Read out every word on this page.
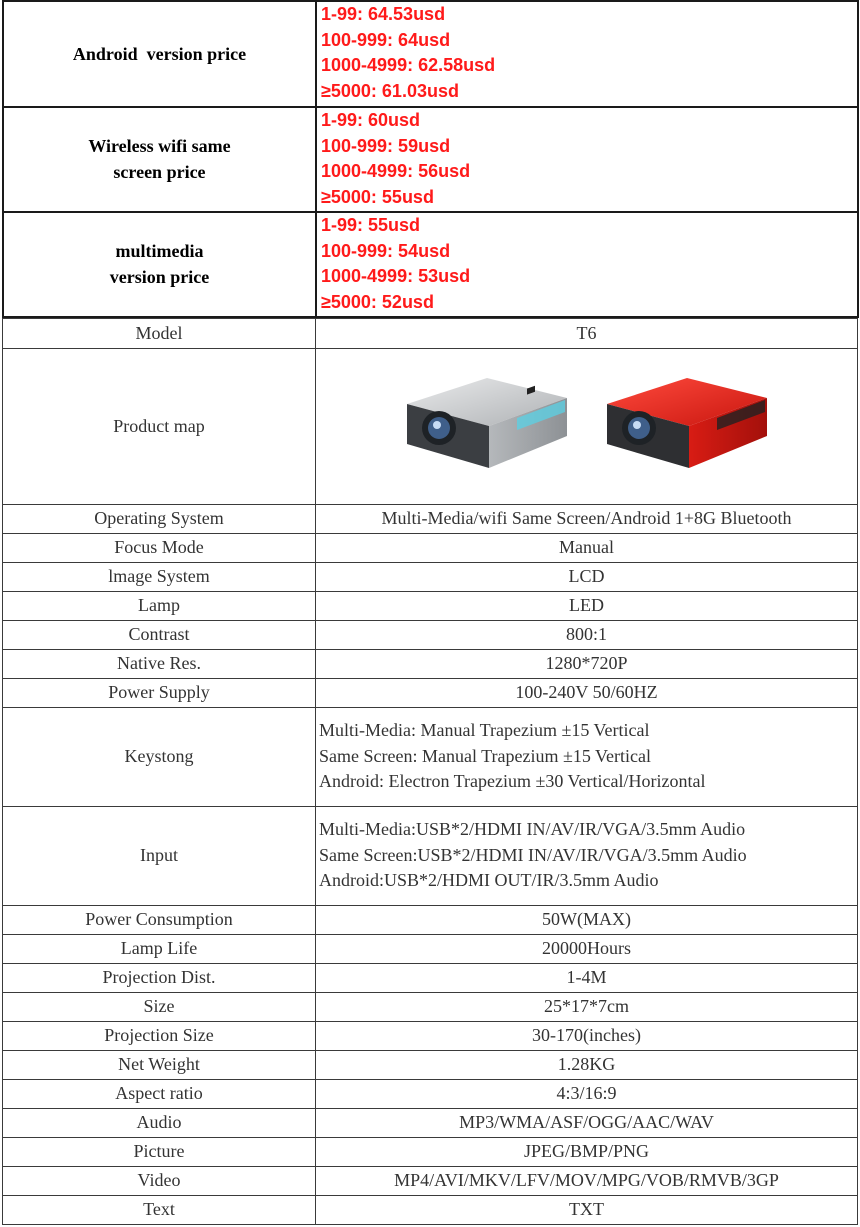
Android  version price	1-99: 64.53usd
100-999: 64usd
1000-4999: 62.58usd
≥5000: 61.03usd

Wireless wifi same
screen price	1-99: 60usd
100-999: 59usd
1000-4999: 56usd
≥5000: 55usd

multimedia
version price	1-99: 55usd
100-999: 54usd
1000-4999: 53usd
≥5000: 52usd
Model	T6
Product map	

Operating System	Multi-Media/wifi Same Screen/Android 1+8G Bluetooth
Focus Mode	Manual
lmage System	LCD
Lamp	LED
Contrast	800:1
Native Res.	1280*720P
Power Supply	100-240V 50/60HZ
Keystong	Multi-Media: Manual Trapezium ±15 Vertical
Same Screen: Manual Trapezium ±15 Vertical
Android: Electron Trapezium ±30 Vertical/Horizontal

Input	Multi-Media:USB*2/HDMI IN/AV/IR/VGA/3.5mm Audio
Same Screen:USB*2/HDMI IN/AV/IR/VGA/3.5mm Audio
Android:USB*2/HDMI OUT/IR/3.5mm Audio

Power Consumption	50W(MAX)
Lamp Life	20000Hours
Projection Dist.	1-4M
Size	25*17*7cm
Projection Size	30-170(inches)
Net Weight	1.28KG
Aspect ratio	4:3/16:9
Audio	MP3/WMA/ASF/OGG/AAC/WAV
Picture	JPEG/BMP/PNG
Video	MP4/AVI/MKV/LFV/MOV/MPG/VOB/RMVB/3GP
Text	TXT
